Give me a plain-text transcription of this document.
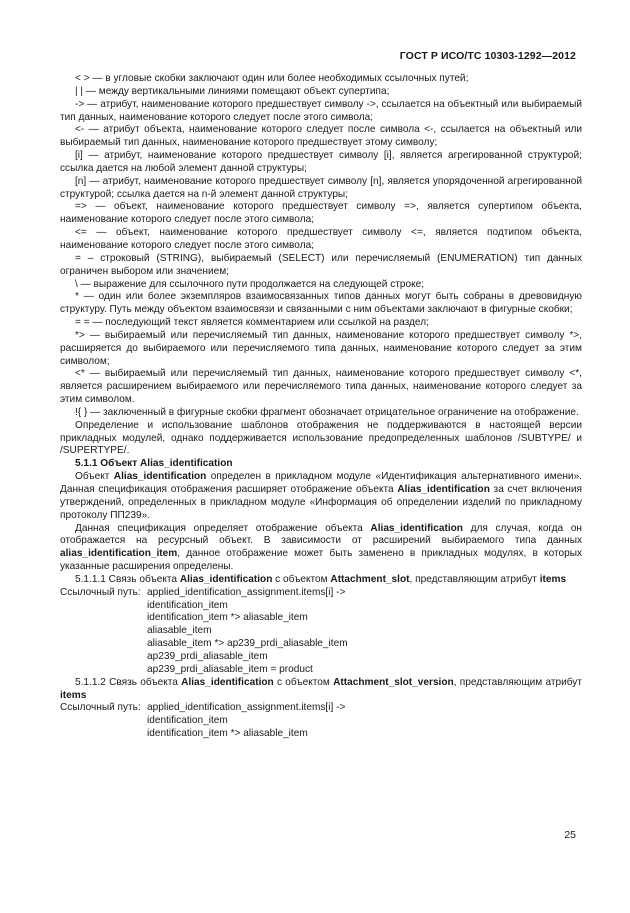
ГОСТ Р ИСО/ТС 10303-1292—2012

< > — в угловые скобки заключают один или более необходимых ссылочных путей;

| | — между вертикальными линиями помещают объект супертипа;

-> — атрибут, наименование которого предшествует символу ->, ссылается на объектный или выбираемый тип данных, наименование которого следует после этого символа;

<- — атрибут объекта, наименование которого следует после символа <-, ссылается на объектный или выбираемый тип данных, наименование которого предшествует этому символу;

[i] — атрибут, наименование которого предшествует символу [i], является агрегированной структурой; ссылка дается на любой элемент данной структуры;

[n] — атрибут, наименование которого предшествует символу [n], является упорядоченной агрегированной структурой; ссылка дается на n-й элемент данной структуры;

=> — объект, наименование которого предшествует символу =>, является супертипом объекта, наименование которого следует после этого символа;

<= — объект, наименование которого предшествует символу <=, является подтипом объекта, наименование которого следует после этого символа;

= – строковый (STRING), выбираемый (SELECT) или перечисляемый (ENUMERATION) тип данных ограничен выбором или значением;

\ — выражение для ссылочного пути продолжается на следующей строке;

* — один или более экземпляров взаимосвязанных типов данных могут быть собраны в древовидную структуру. Путь между объектом взаимосвязи и связанными с ним объектами заключают в фигурные скобки;

= = — последующий текст является комментарием или ссылкой на раздел;

*> — выбираемый или перечисляемый тип данных, наименование которого предшествует символу *>, расширяется до выбираемого или перечисляемого типа данных, наименование которого следует за этим символом;

<* — выбираемый или перечисляемый тип данных, наименование которого предшествует символу <*, является расширением выбираемого или перечисляемого типа данных, наименование которого следует за этим символом.

!{ } — заключенный в фигурные скобки фрагмент обозначает отрицательное ограничение на отображение.

Определение и использование шаблонов отображения не поддерживаются в настоящей версии прикладных модулей, однако поддерживается использование предопределенных шаблонов /SUBTYPE/ и /SUPERTYPE/.

5.1.1 Объект Alias_identification

Объект Alias_identification определен в прикладном модуле «Идентификация альтернативного имени». Данная спецификация отображения расширяет отображение объекта Alias_identification за счет включения утверждений, определенных в прикладном модуле «Информация об определении изделий по прикладному протоколу ПП239».

Данная спецификация определяет отображение объекта Alias_identification для случая, когда он отображается на ресурсный объект. В зависимости от расширений выбираемого типа данных alias_identification_item, данное отображение может быть заменено в прикладных модулях, в которых указанные расширения определены.

5.1.1.1 Связь объекта Alias_identification с объектом Attachment_slot, представляющим атрибут items

Ссылочный путь: applied_identification_assignment.items[i] ->
identification_item
identification_item *> aliasable_item
aliasable_item
aliasable_item *> ap239_prdi_aliasable_item
ap239_prdi_aliasable_item
ap239_prdi_aliasable_item = product

5.1.1.2 Связь объекта Alias_identification с объектом Attachment_slot_version, представляющим атрибут items

Ссылочный путь: applied_identification_assignment.items[i] ->
identification_item
identification_item *> aliasable_item
25
